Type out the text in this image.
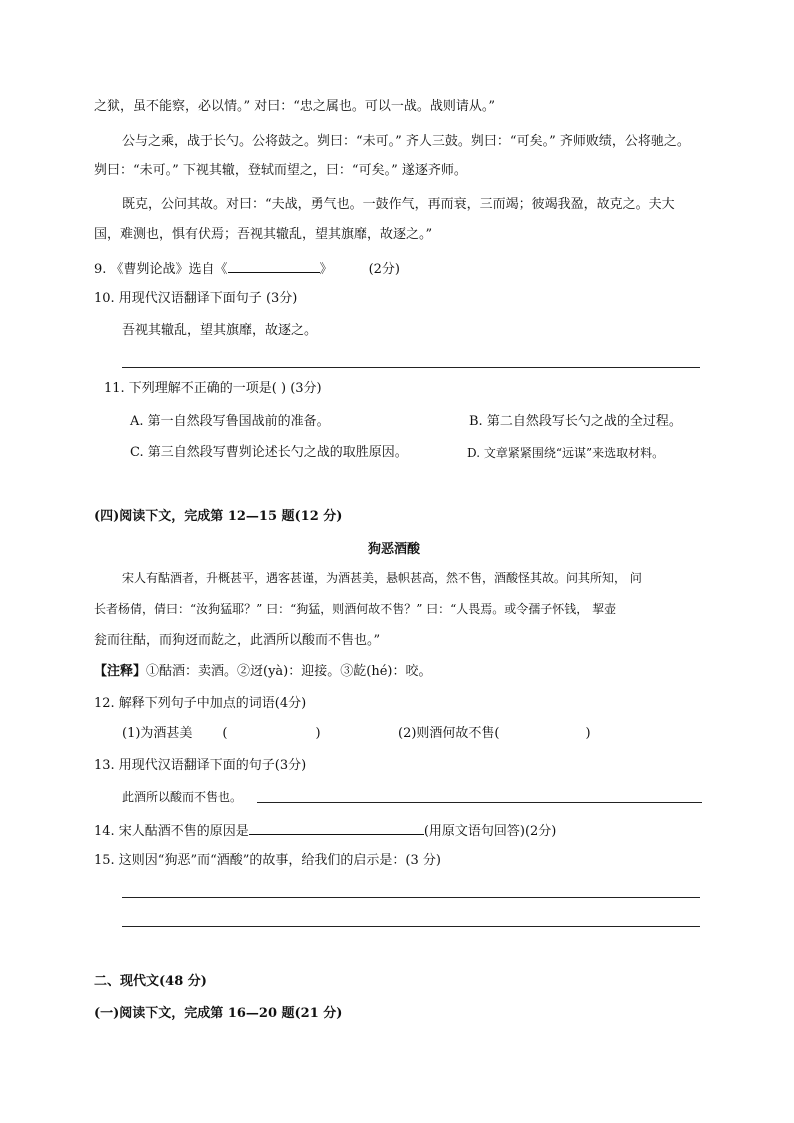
之狱，虽不能察，必以情。” 对曰：“忠之属也。可以一战。战则请从。”
公与之乘，战于长勺。公将鼓之。刿曰：“未可。” 齐人三鼓。刿曰：“可矣。” 齐师败绩，公将驰之。
刿曰：“未可。” 下视其辙，登轼而望之，曰：“可矣。” 遂逐齐师。
既克，公问其故。对曰：“夫战，勇气也。一鼓作气，再而衰，三而竭；彼竭我盈，故克之。夫大
国，难测也，惧有伏焉；吾视其辙乱，望其旗靡，故逐之。”
9. 《曹刿论战》选自《	》	(2分)
10. 用现代汉语翻译下面句子 (3分)
吾视其辙乱，望其旗靡，故逐之。
11. 下列理解不正确的一项是( ) (3分)
A. 第一自然段写鲁国战前的准备。	B. 第二自然段写长勺之战的全过程。
C. 第三自然段写曹刿论述长勺之战的取胜原因。	D. 文章紧紧围绕“远谋”来选取材料。
(四)阅读下文，完成第 12—15 题(12 分)
狗恶酒酸
宋人有酤酒者，升概甚平，遇客甚谨，为酒甚美，悬帜甚高，然不售，酒酸怪其故。问其所知， 问
长者杨倩，倩曰：“汝狗猛耶？” 曰：“狗猛，则酒何故不售？” 曰：“人畏焉。或令孺子怀钱， 挈壶
瓮而往酤，而狗迓而龁之，此酒所以酸而不售也。”
【注释】①酤酒：卖酒。②迓(yà)：迎接。③龁(hé)：咬。
12. 解释下列句子中加点的词语(4分)
(1)为酒甚美 (	)	(2)则酒何故不售(	)
13. 用现代汉语翻译下面的句子(3分)
此酒所以酸而不售也。
14. 宋人酤酒不售的原因是	(用原文语句回答)(2分)
15. 这则因“狗恶”而“酒酸”的故事，给我们的启示是：(3 分)
二、现代文(48 分)
(一)阅读下文，完成第 16—20 题(21 分)
